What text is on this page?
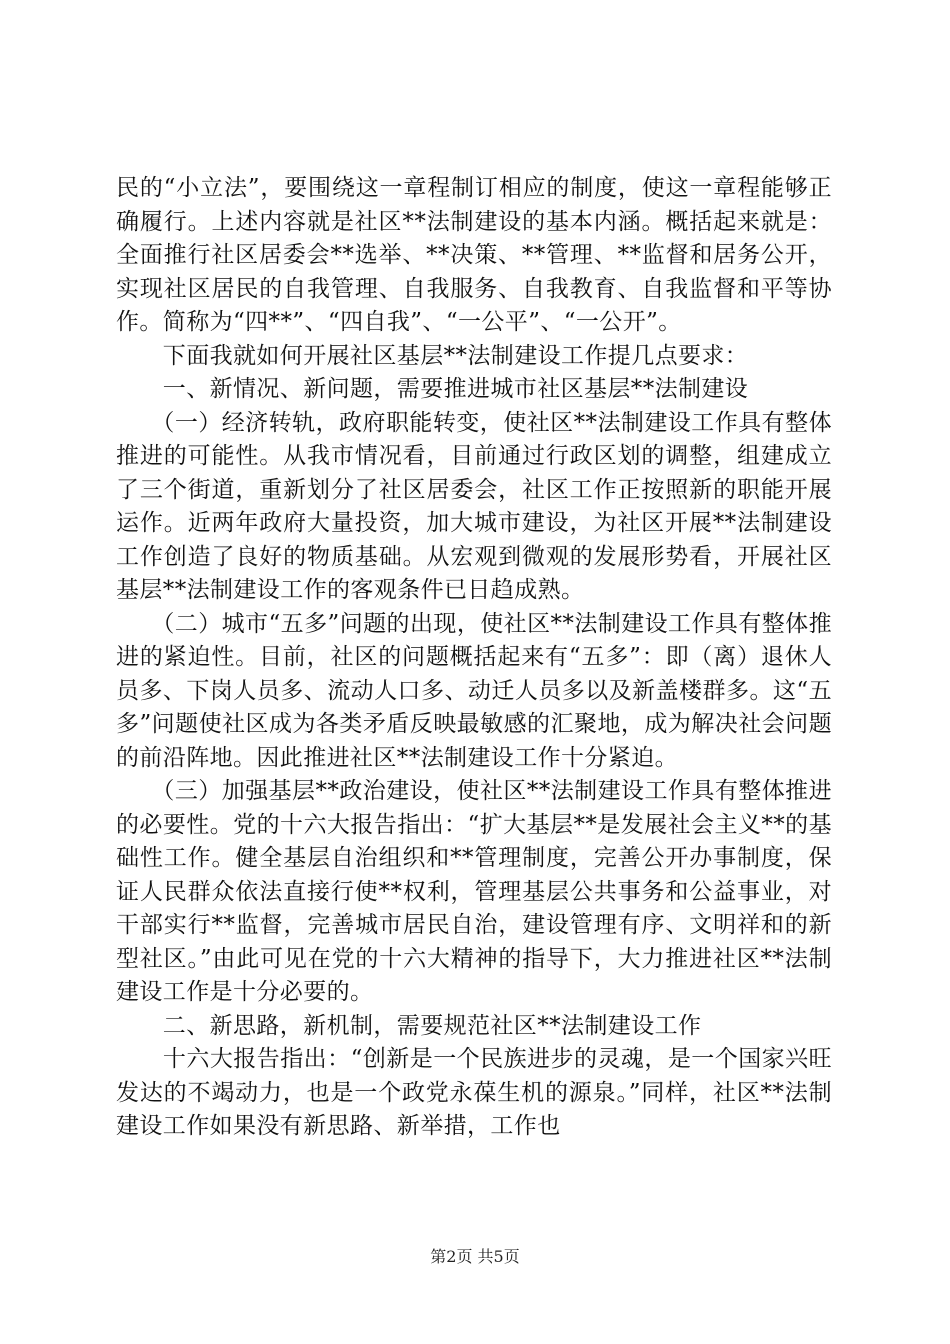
民的“小立法”，要围绕这一章程制订相应的制度，使这一章程能够正确履行。上述内容就是社区**法制建设的基本内涵。概括起来就是：全面推行社区居委会**选举、**决策、**管理、**监督和居务公开，实现社区居民的自我管理、自我服务、自我教育、自我监督和平等协作。简称为“四**”、“四自我”、“一公平”、“一公开”。

　　下面我就如何开展社区基层**法制建设工作提几点要求：

　　一、新情况、新问题，需要推进城市社区基层**法制建设

　　（一）经济转轨，政府职能转变，使社区**法制建设工作具有整体推进的可能性。从我市情况看，目前通过行政区划的调整，组建成立了三个街道，重新划分了社区居委会，社区工作正按照新的职能开展运作。近两年政府大量投资，加大城市建设，为社区开展**法制建设工作创造了良好的物质基础。从宏观到微观的发展形势看，开展社区基层**法制建设工作的客观条件已日趋成熟。

　　（二）城市“五多”问题的出现，使社区**法制建设工作具有整体推进的紧迫性。目前，社区的问题概括起来有“五多”：即（离）退休人员多、下岗人员多、流动人口多、动迁人员多以及新盖楼群多。这“五多”问题使社区成为各类矛盾反映最敏感的汇聚地，成为解决社会问题的前沿阵地。因此推进社区**法制建设工作十分紧迫。

　　（三）加强基层**政治建设，使社区**法制建设工作具有整体推进的必要性。党的十六大报告指出：“扩大基层**是发展社会主义**的基础性工作。健全基层自治组织和**管理制度，完善公开办事制度，保证人民群众依法直接行使**权利，管理基层公共事务和公益事业，对干部实行**监督，完善城市居民自治，建设管理有序、文明祥和的新型社区。”由此可见在党的十六大精神的指导下，大力推进社区**法制建设工作是十分必要的。

　　二、新思路，新机制，需要规范社区**法制建设工作

　　十六大报告指出：“创新是一个民族进步的灵魂，是一个国家兴旺发达的不竭动力，也是一个政党永葆生机的源泉。”同样，社区**法制建设工作如果没有新思路、新举措，工作也

第2页 共5页
